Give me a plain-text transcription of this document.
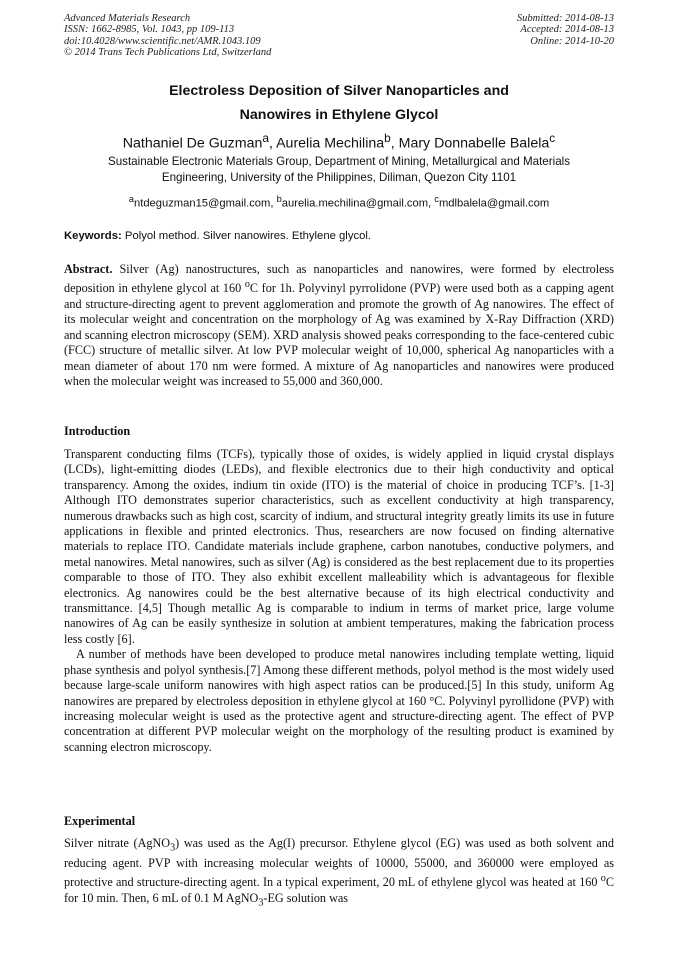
Advanced Materials Research
ISSN: 1662-8985, Vol. 1043, pp 109-113
doi:10.4028/www.scientific.net/AMR.1043.109
© 2014 Trans Tech Publications Ltd, Switzerland
Submitted: 2014-08-13
Accepted: 2014-08-13
Online: 2014-10-20
Electroless Deposition of Silver Nanoparticles and
Nanowires in Ethylene Glycol
Nathaniel De Guzman$^a$, Aurelia Mechilina$^b$, Mary Donnabelle Balela$^c$
Sustainable Electronic Materials Group, Department of Mining, Metallurgical and Materials
Engineering, University of the Philippines, Diliman, Quezon City 1101
$^a$ntdeguzman15@gmail.com, $^b$aurelia.mechilina@gmail.com, $^c$mdlbalela@gmail.com
Keywords: Polyol method. Silver nanowires. Ethylene glycol.

Abstract. Silver (Ag) nanostructures, such as nanoparticles and nanowires, were formed by electroless deposition in ethylene glycol at 160 $^o$C for 1h. Polyvinyl pyrrolidone (PVP) were used both as a capping agent and structure-directing agent to prevent agglomeration and promote the growth of Ag nanowires. The effect of its molecular weight and concentration on the morphology of Ag was examined by X-Ray Diffraction (XRD) and scanning electron microscopy (SEM). XRD analysis showed peaks corresponding to the face-centered cubic (FCC) structure of metallic silver. At low PVP molecular weight of 10,000, spherical Ag nanoparticles with a mean diameter of about 170 nm were formed. A mixture of Ag nanoparticles and nanowires were produced when the molecular weight was increased to 55,000 and 360,000.

Introduction

Transparent conducting films (TCFs), typically those of oxides, is widely applied in liquid crystal displays (LCDs), light-emitting diodes (LEDs), and flexible electronics due to their high conductivity and optical transparency. Among the oxides, indium tin oxide (ITO) is the material of choice in producing TCF’s. [1-3] Although ITO demonstrates superior characteristics, such as excellent conductivity at high transparency, numerous drawbacks such as high cost, scarcity of indium, and structural integrity greatly limits its use in future applications in flexible and printed electronics. Thus, researchers are now focused on finding alternative materials to replace ITO. Candidate materials include graphene, carbon nanotubes, conductive polymers, and metal nanowires. Metal nanowires, such as silver (Ag) is considered as the best replacement due to its properties comparable to those of ITO. They also exhibit excellent malleability which is advantageous for flexible electronics. Ag nanowires could be the best alternative because of its high electrical conductivity and transmittance. [4,5] Though metallic Ag is comparable to indium in terms of market price, large volume nanowires of Ag can be easily synthesize in solution at ambient temperatures, making the fabrication process less costly [6].

A number of methods have been developed to produce metal nanowires including template wetting, liquid phase synthesis and polyol synthesis.[7] Among these different methods, polyol method is the most widely used because large-scale uniform nanowires with high aspect ratios can be produced.[5] In this study, uniform Ag nanowires are prepared by electroless deposition in ethylene glycol at 160 °C. Polyvinyl pyrollidone (PVP) with increasing molecular weight is used as the protective agent and structure-directing agent. The effect of PVP concentration at different PVP molecular weight on the morphology of the resulting product is examined by scanning electron microscopy.

Experimental

Silver nitrate (AgNO$_3$) was used as the Ag(I) precursor. Ethylene glycol (EG) was used as both solvent and reducing agent. PVP with increasing molecular weights of 10000, 55000, and 360000 were employed as protective and structure-directing agent. In a typical experiment, 20 mL of ethylene glycol was heated at 160 $^o$C for 10 min. Then, 6 mL of 0.1 M AgNO$_3$-EG solution was
